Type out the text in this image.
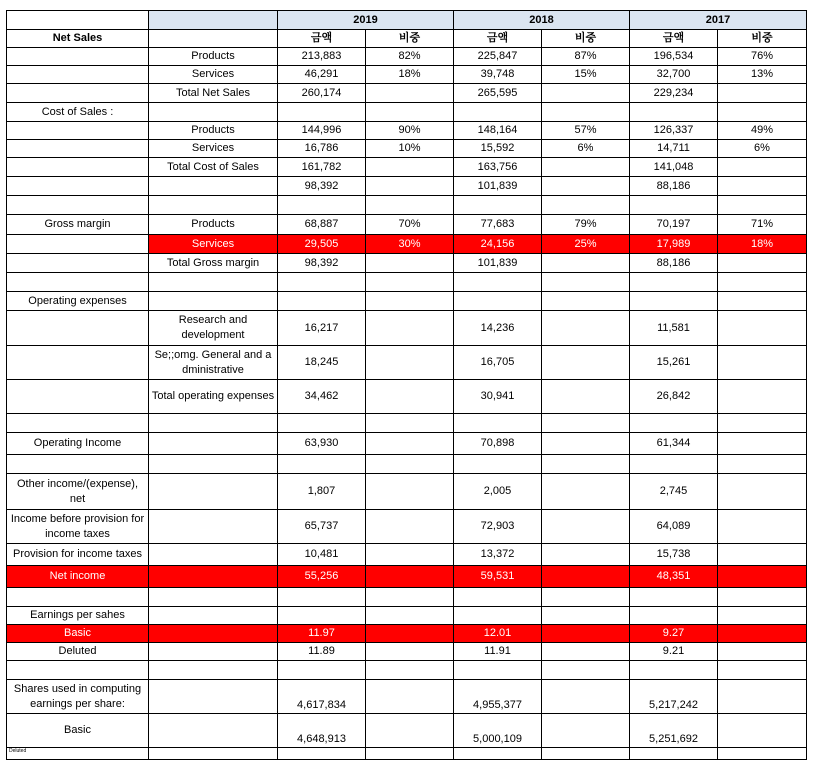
		2019		2018		2017	
Net Sales		금액	비중	금액	비중	금액	비중
	Products	213,883	82%	225,847	87%	196,534	76%
	Services	46,291	18%	39,748	15%	32,700	13%
	Total Net Sales	260,174		265,595		229,234	
Cost of Sales :							
	Products	144,996	90%	148,164	57%	126,337	49%
	Services	16,786	10%	15,592	6%	14,711	6%
	Total Cost of Sales	161,782		163,756		141,048	
		98,392		101,839		88,186	

Gross margin	Products	68,887	70%	77,683	79%	70,197	71%
	Services	29,505	30%	24,156	25%	17,989	18%
	Total Gross margin	98,392		101,839		88,186	

Operating expenses							
	Research and development	16,217		14,236		11,581	
	Se;;omg. General and a dministrative	18,245		16,705		15,261	
	Total operating expenses	34,462		30,941		26,842	

Operating Income		63,930		70,898		61,344	

Other income/(expense), net		1,807		2,005		2,745	
Income before provision for income taxes		65,737		72,903		64,089	
Provision for income taxes		10,481		13,372		15,738	
Net income		55,256		59,531		48,351	

Earnings per sahes							
Basic		11.97		12.01		9.27	
Deluted		11.89		11.91		9.21	

Shares used in computing earnings per share:		4,617,834		4,955,377		5,217,242	
Basic		4,648,913		5,000,109		5,251,692	
Deluted							
